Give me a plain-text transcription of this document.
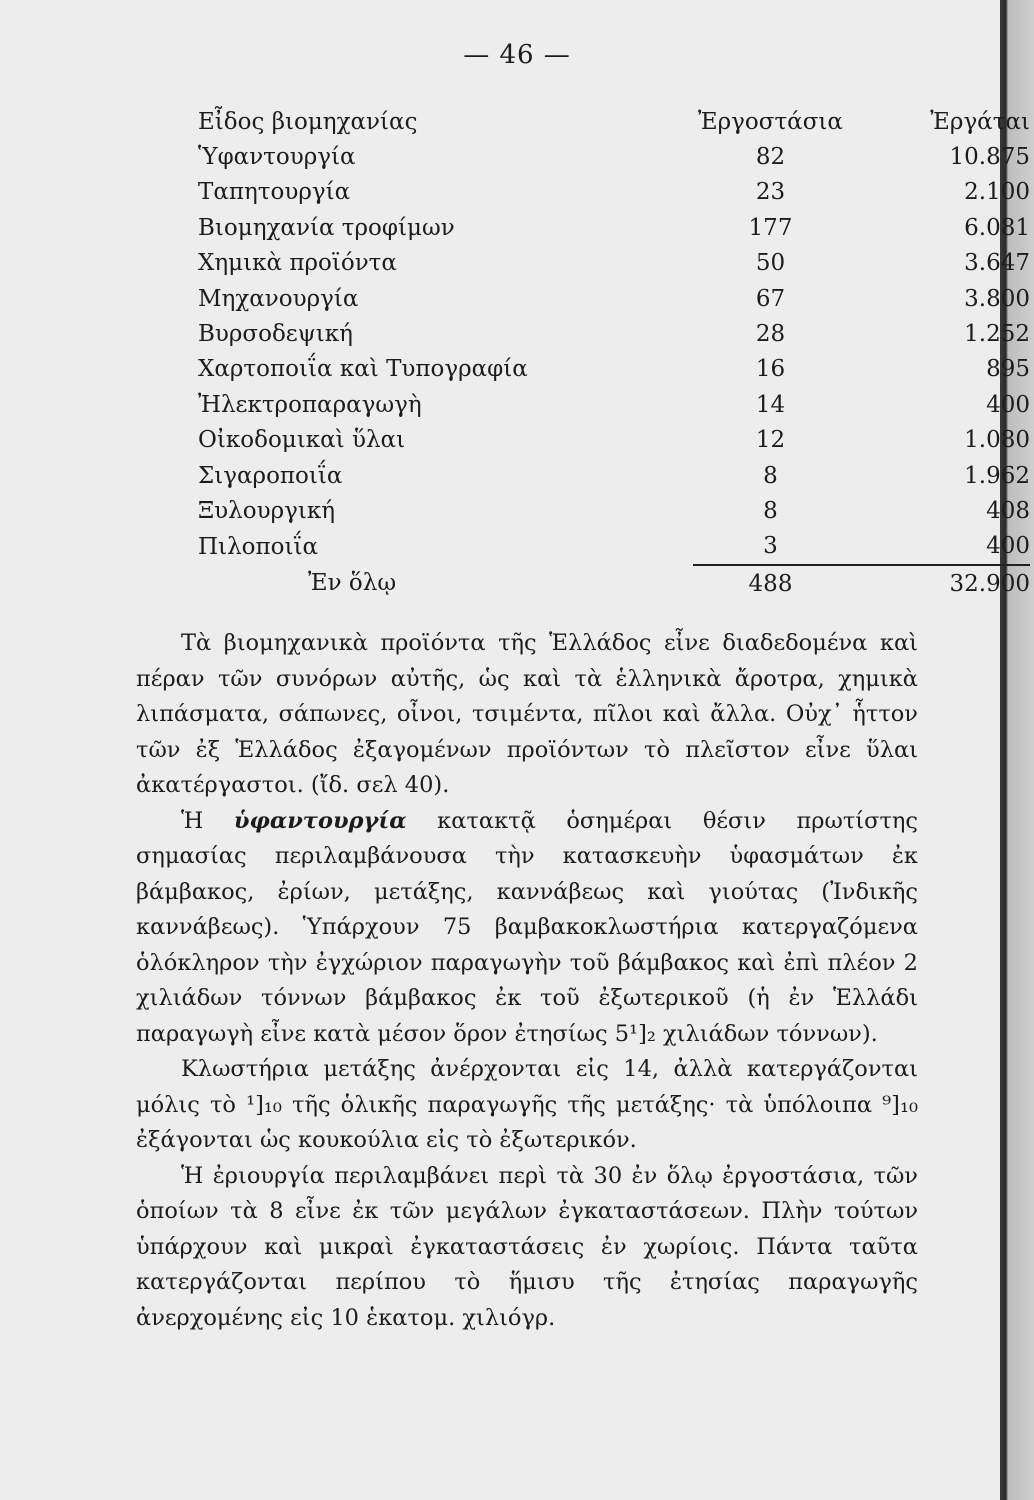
— 46 —
Εἶδος βιομηχανίας	Ἐργοστάσια	Ἐργάται
Ὑφαντουργία	82	10.875
Ταπητουργία	23	2.100
Βιομηχανία τροφίμων	177	6.081
Χημικὰ προϊόντα	50	3.647
Μηχανουργία	67	3.800
Βυρσοδεψική	28	1.252
Χαρτοποιΐα καὶ Τυπογραφία	16	895
Ἠλεκτροπαραγωγὴ	14	400
Οἰκοδομικαὶ ὕλαι	12	1.080
Σιγαροποιΐα	8	1.962
Ξυλουργική	8	408
Πιλοποιΐα	3	400
Ἐν ὅλῳ	488	32.900

Τὰ βιομηχανικὰ προϊόντα τῆς Ἑλλάδος εἶνε διαδεδομένα καὶ πέραν τῶν συνόρων αὐτῆς, ὡς καὶ τὰ ἑλληνικὰ ἄροτρα, χημικὰ λιπάσματα, σάπωνες, οἶνοι, τσιμέντα, πῖλοι καὶ ἄλλα. Οὐχ᾽ ἧττον τῶν ἐξ Ἑλλάδος ἐξαγομένων προϊόντων τὸ πλεῖστον εἶνε ὕλαι ἀκατέργαστοι. (ἴδ. σελ 40).

Ἡ ὑφαντουργία κατακτᾷ ὁσημέραι θέσιν πρωτίστης σημασίας περιλαμβάνουσα τὴν κατασκευὴν ὑφασμάτων ἐκ βάμβακος, ἐρίων, μετάξης, καννάβεως καὶ γιούτας (Ἰνδικῆς καννάβεως). Ὑπάρχουν 75 βαμβακοκλωστήρια κατεργαζόμενα ὁλόκληρον τὴν ἐγχώριον παραγωγὴν τοῦ βάμβακος καὶ ἐπὶ πλέον 2 χιλιάδων τόννων βάμβακος ἐκ τοῦ ἐξωτερικοῦ (ἡ ἐν Ἑλλάδι παραγωγὴ εἶνε κατὰ μέσον ὅρον ἐτησίως 5¹]₂ χιλιάδων τόννων).

Κλωστήρια μετάξης ἀνέρχονται εἰς 14, ἀλλὰ κατεργάζονται μόλις τὸ ¹]₁₀ τῆς ὁλικῆς παραγωγῆς τῆς μετάξης· τὰ ὑπόλοιπα ⁹]₁₀ ἐξάγονται ὡς κουκούλια εἰς τὸ ἐξωτερικόν.

Ἡ ἐριουργία περιλαμβάνει περὶ τὰ 30 ἐν ὅλῳ ἐργοστάσια, τῶν ὁποίων τὰ 8 εἶνε ἐκ τῶν μεγάλων ἐγκαταστάσεων. Πλὴν τούτων ὑπάρχουν καὶ μικραὶ ἐγκαταστάσεις ἐν χωρίοις. Πάντα ταῦτα κατεργάζονται περίπου τὸ ἥμισυ τῆς ἐτησίας παραγωγῆς ἀνερχομένης εἰς 10 ἑκατομ. χιλιόγρ.
